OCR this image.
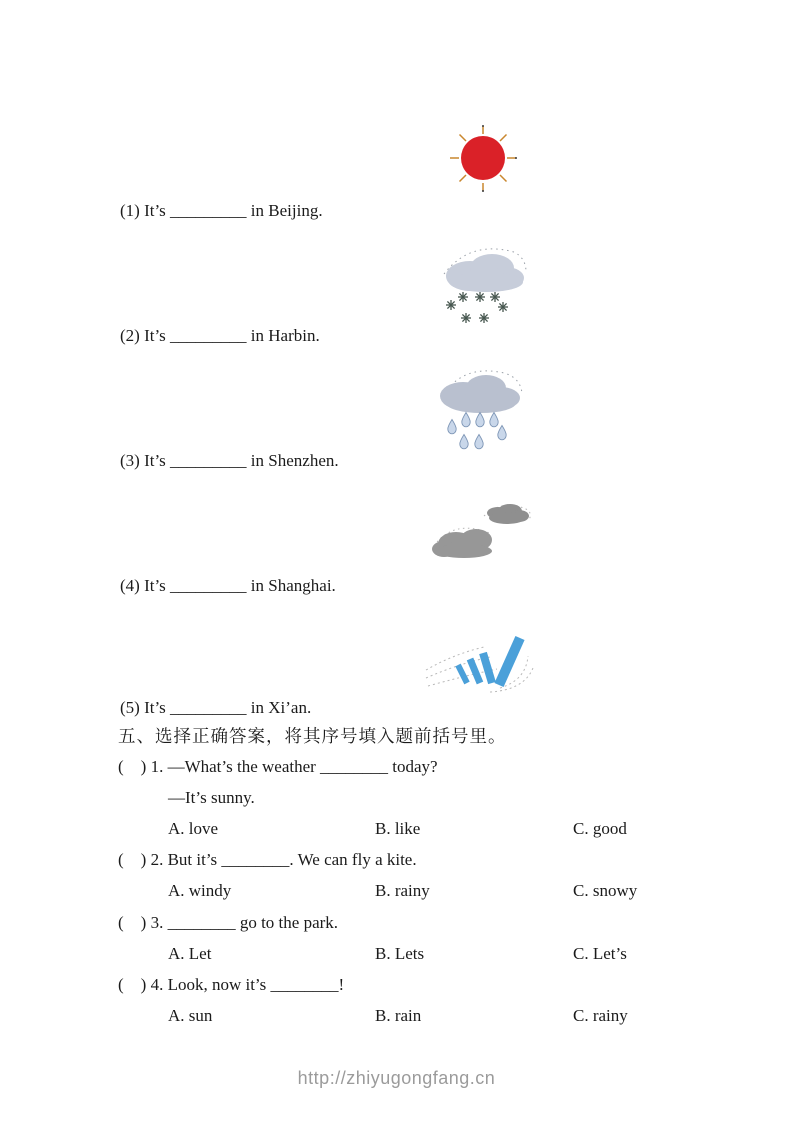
(1) It’s _________ in Beijing.
(2) It’s _________ in Harbin.
(3) It’s _________ in Shenzhen.
(4) It’s _________ in Shanghai.
(5) It’s _________ in Xi’an.
五、选择正确答案，将其序号填入题前括号里。
(    ) 1. —What’s the weather ________ today?
—It’s sunny.
A. love	B. like	C. good
(    ) 2. But it’s ________. We can fly a kite.
A. windy	B. rainy	C. snowy
(    ) 3. ________ go to the park.
A. Let	B. Lets	C. Let’s
(    ) 4. Look, now it’s ________!
A. sun	B. rain	C. rainy
http://zhiyugongfang.cn
